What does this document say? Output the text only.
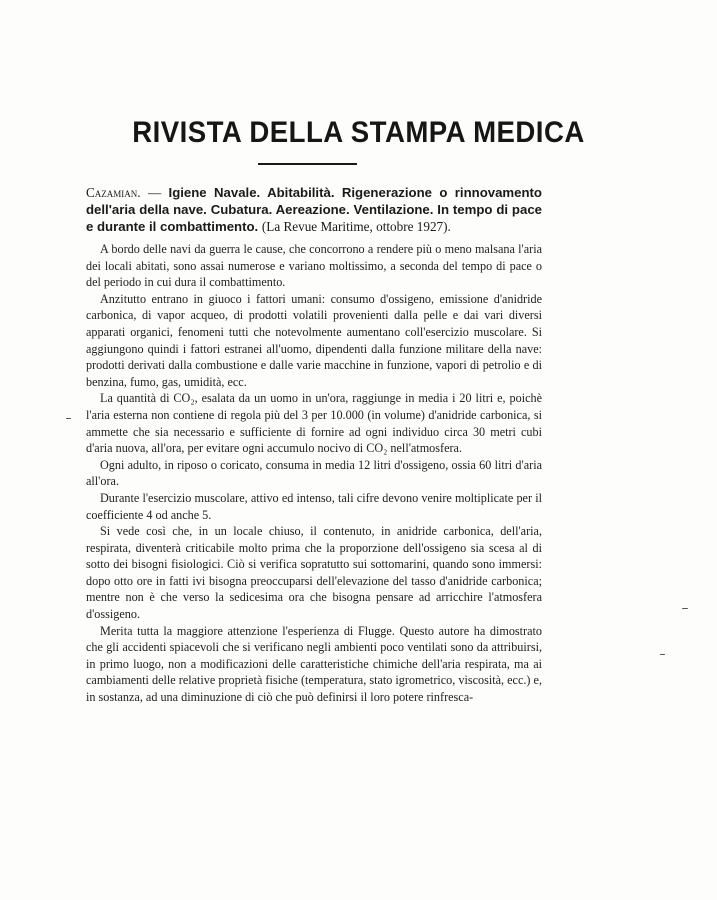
RIVISTA DELLA STAMPA MEDICA

Cazamian. — Igiene Navale. Abitabilità. Rigenerazione o rinnovamento dell'aria della nave. Cubatura. Aereazione. Ventilazione. In tempo di pace e durante il combattimento. (La Revue Maritime, ottobre 1927).

A bordo delle navi da guerra le cause, che concorrono a rendere più o meno malsana l'aria dei locali abitati, sono assai numerose e variano moltissimo, a seconda del tempo di pace o del periodo in cui dura il combattimento.

Anzitutto entrano in giuoco i fattori umani: consumo d'ossigeno, emissione d'anidride carbonica, di vapor acqueo, di prodotti volatili provenienti dalla pelle e dai vari diversi apparati organici, fenomeni tutti che notevolmente aumentano coll'esercizio muscolare. Si aggiungono quindi i fattori estranei all'uomo, dipendenti dalla funzione militare della nave: prodotti derivati dalla combustione e dalle varie macchine in funzione, vapori di petrolio e di benzina, fumo, gas, umidità, ecc.

La quantità di CO₂, esalata da un uomo in un'ora, raggiunge in media i 20 litri e, poichè l'aria esterna non contiene di regola più del 3 per 10.000 (in volume) d'anidride carbonica, si ammette che sia necessario e sufficiente di fornire ad ogni individuo circa 30 metri cubi d'aria nuova, all'ora, per evitare ogni accumulo nocivo di CO₂ nell'atmosfera.

Ogni adulto, in riposo o coricato, consuma in media 12 litri d'ossigeno, ossia 60 litri d'aria all'ora.

Durante l'esercizio muscolare, attivo ed intenso, tali cifre devono venire moltiplicate per il coefficiente 4 od anche 5.

Si vede così che, in un locale chiuso, il contenuto, in anidride carbonica, dell'aria, respirata, diventerà criticabile molto prima che la proporzione dell'ossigeno sia scesa al di sotto dei bisogni fisiologici. Ciò si verifica sopratutto sui sottomarini, quando sono immersi: dopo otto ore in fatti ivi bisogna preoccuparsi dell'elevazione del tasso d'anidride carbonica; mentre non è che verso la sedicesima ora che bisogna pensare ad arricchire l'atmosfera d'ossigeno.

Merita tutta la maggiore attenzione l'esperienza di Flugge. Questo autore ha dimostrato che gli accidenti spiacevoli che si verificano negli ambienti poco ventilati sono da attribuirsi, in primo luogo, non a modificazioni delle caratteristiche chimiche dell'aria respirata, ma ai cambiamenti delle relative proprietà fisiche (temperatura, stato igrometrico, viscosità, ecc.) e, in sostanza, ad una diminuzione di ciò che può definirsi il loro potere rinfresca-
